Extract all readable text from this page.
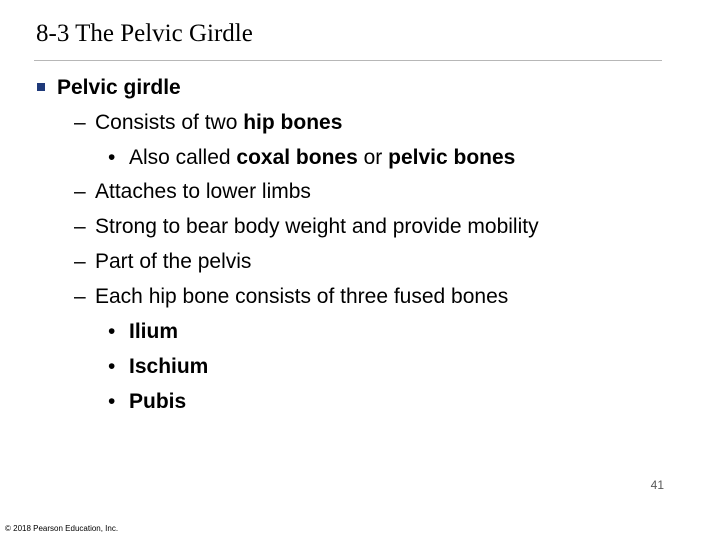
8-3 The Pelvic Girdle
Pelvic girdle
– Consists of two hip bones
• Also called coxal bones or pelvic bones
– Attaches to lower limbs
– Strong to bear body weight and provide mobility
– Part of the pelvis
– Each hip bone consists of three fused bones
• Ilium
• Ischium
• Pubis
41
© 2018 Pearson Education, Inc.
